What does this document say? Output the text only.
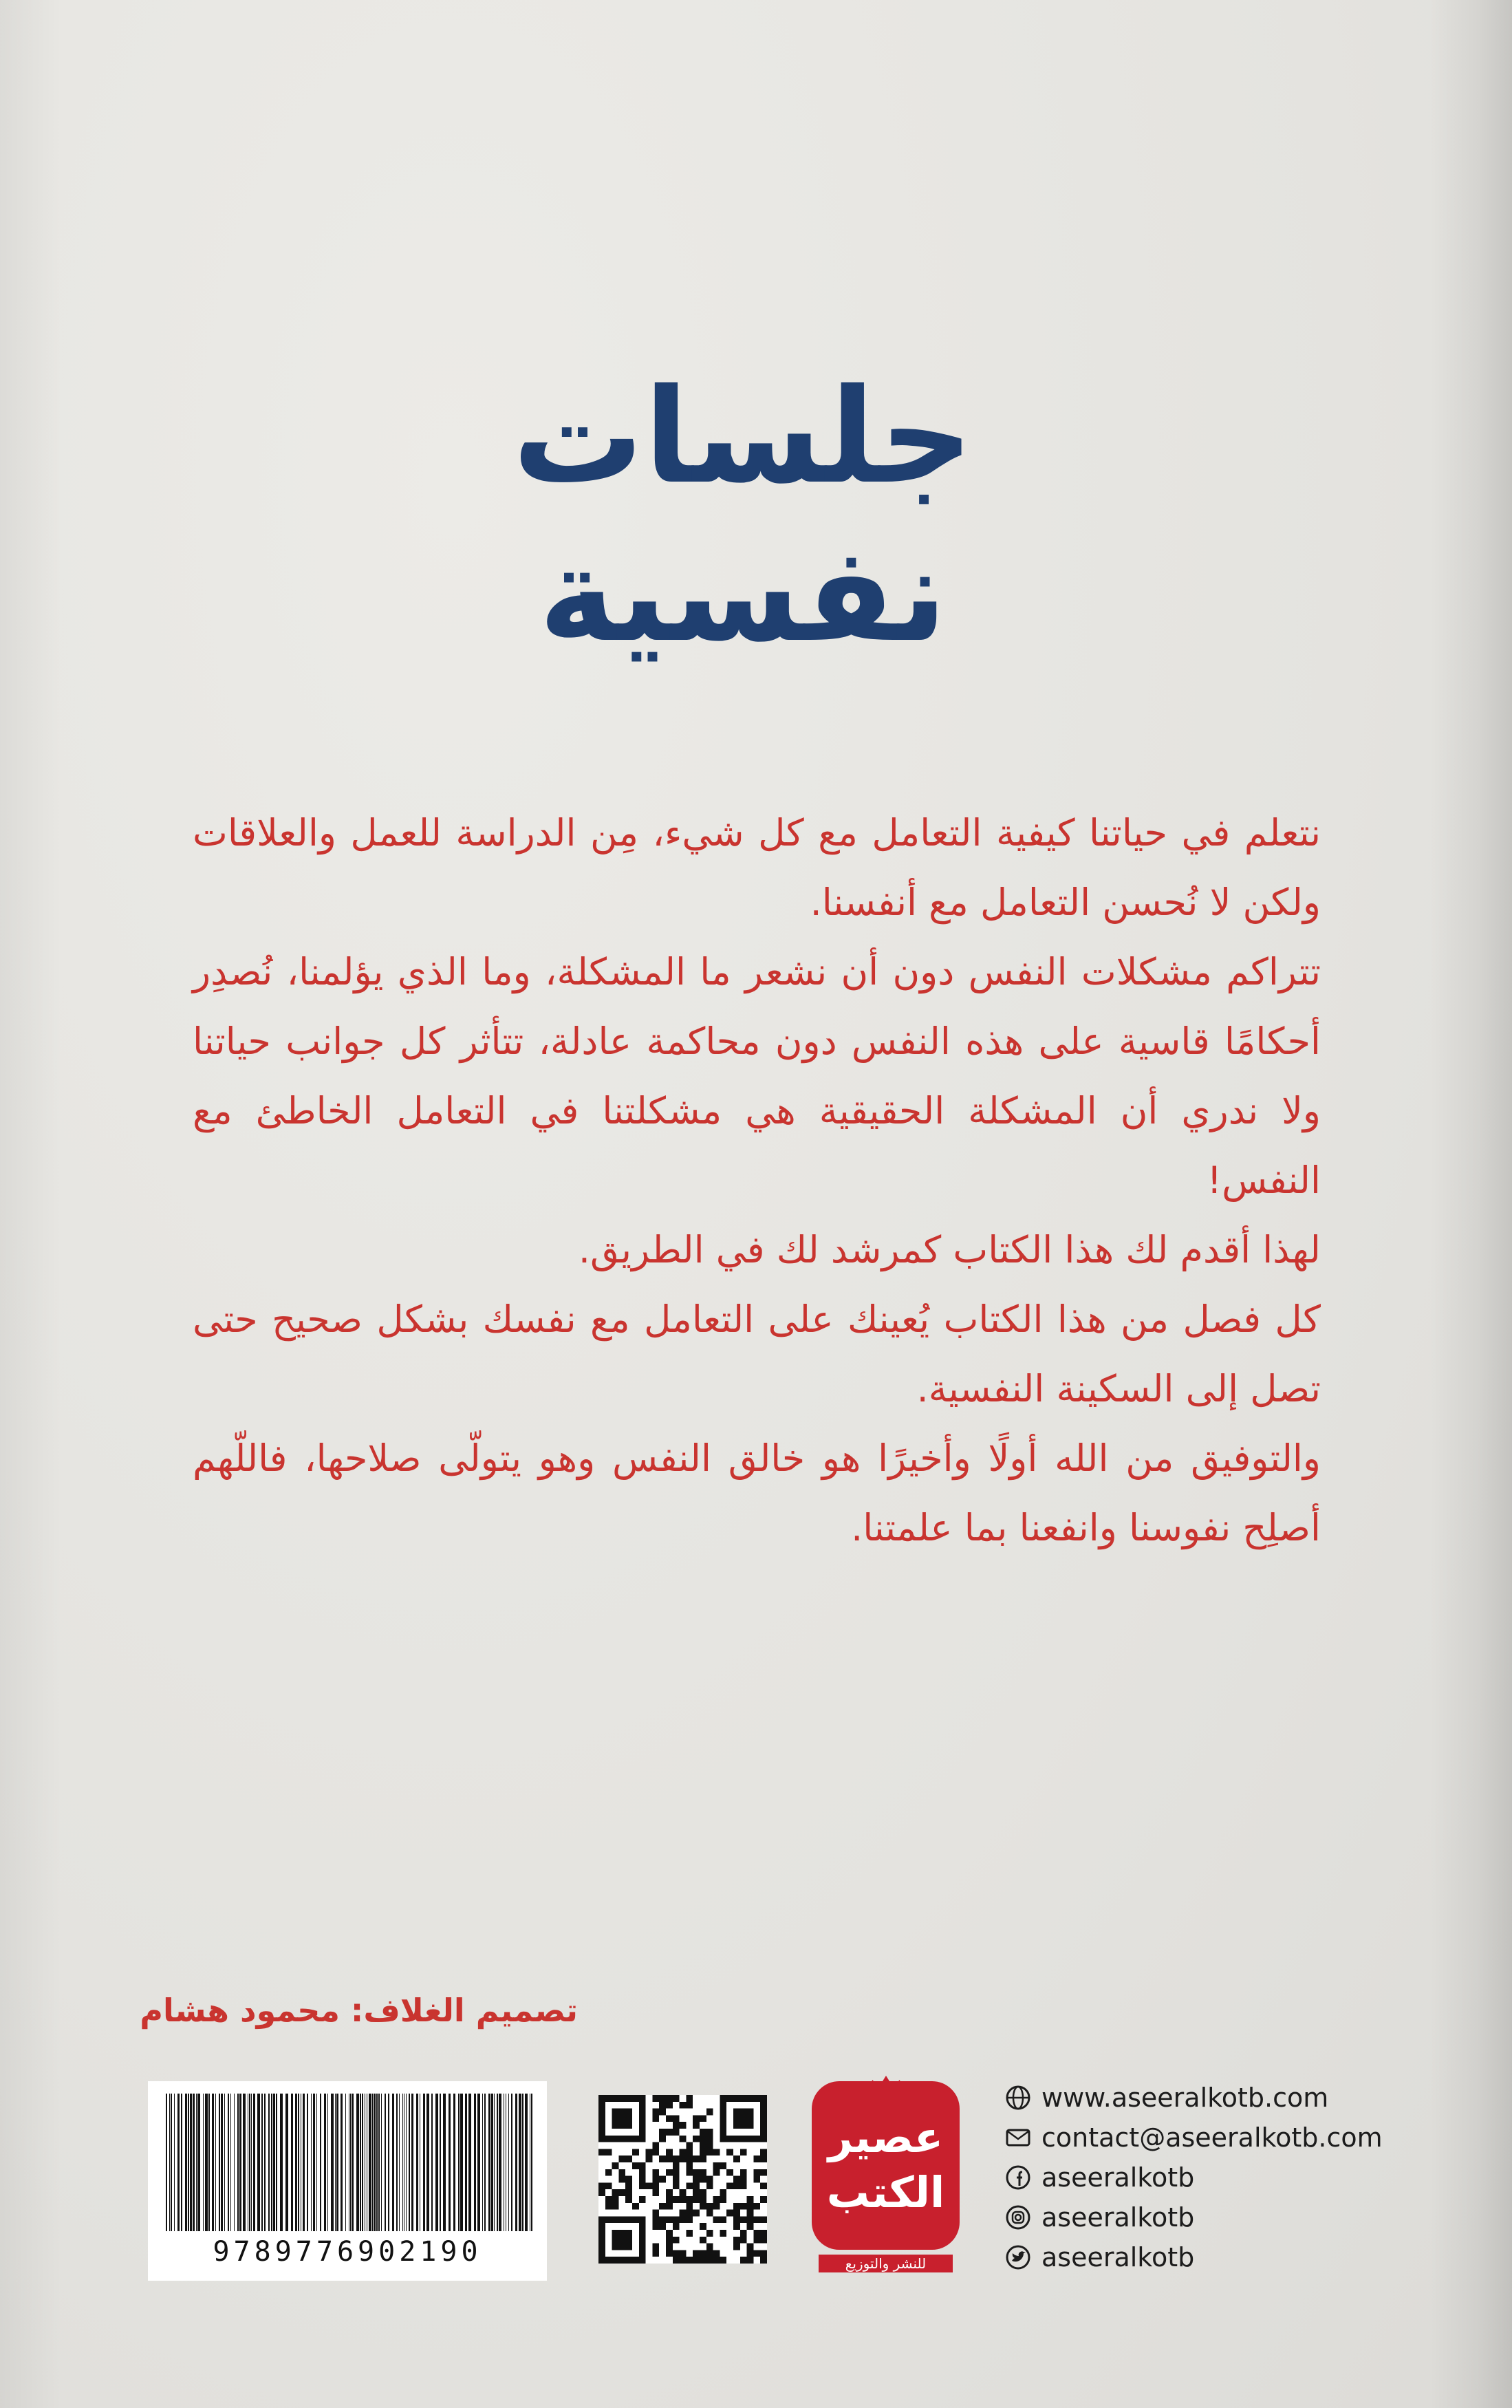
جلسات
نفسية

نتعلم في حياتنا كيفية التعامل مع كل شيء، مِن الدراسة للعمل والعلاقات ولكن لا نُحسن التعامل مع أنفسنا.

تتراكم مشكلات النفس دون أن نشعر ما المشكلة، وما الذي يؤلمنا، نُصدِر أحكامًا قاسية على هذه النفس دون محاكمة عادلة، تتأثر كل جوانب حياتنا ولا ندري أن المشكلة الحقيقية هي مشكلتنا في التعامل الخاطئ مع النفس!

لهذا أقدم لك هذا الكتاب كمرشد لك في الطريق.

كل فصل من هذا الكتاب يُعينك على التعامل مع نفسك بشكل صحيح حتى تصل إلى السكينة النفسية.

والتوفيق من الله أولًا وأخيرًا هو خالق النفس وهو يتولّى صلاحها، فاللّهم أصلِح نفوسنا وانفعنا بما علمتنا.

تصميم الغلاف: محمود هشام
9789776902190
عصير
الكتب
للنشر والتوزيع
www.aseeralkotb.com
contact@aseeralkotb.com
aseeralkotb
aseeralkotb
aseeralkotb
